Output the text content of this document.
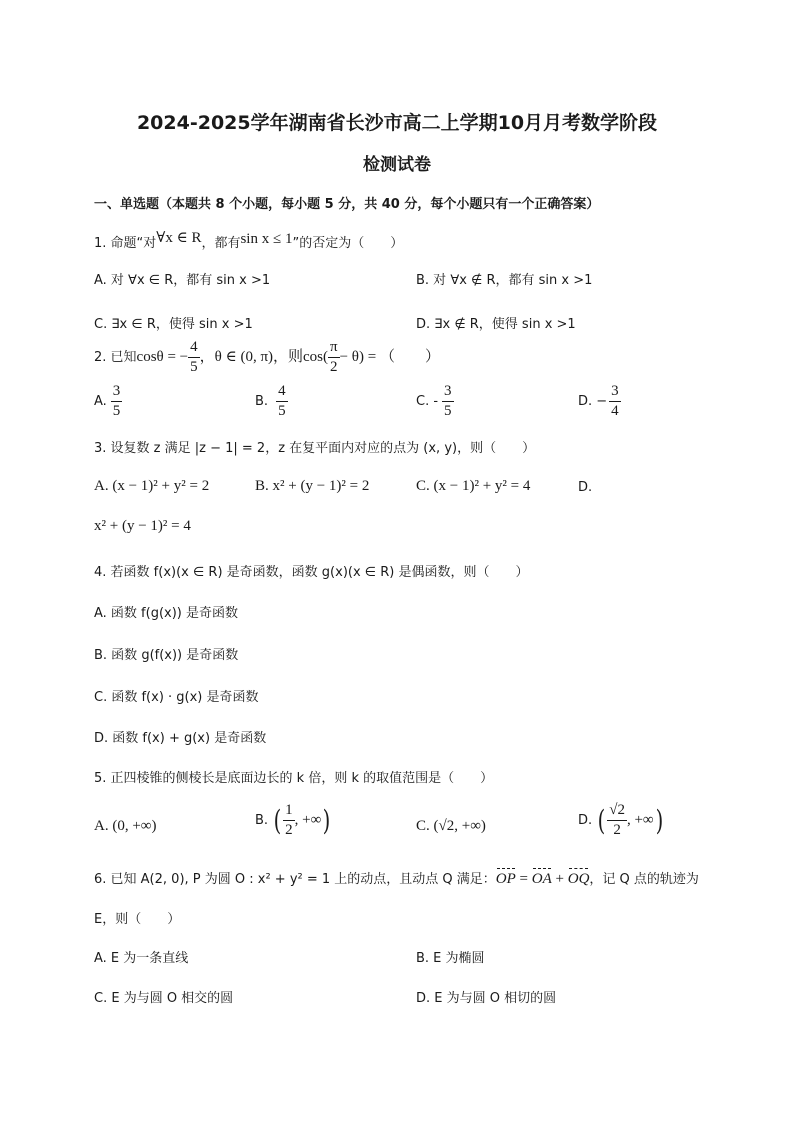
2024-2025学年湖南省长沙市高二上学期10月月考数学阶段
检测试卷
一、单选题（本题共 8 个小题，每小题 5 分，共 40 分，每个小题只有一个正确答案）
1. 命题“对∀x ∈ R，都有sin x ≤ 1”的否定为（　　）
A. 对 ∀x ∈ R，都有 sin x >1	B. 对 ∀x ∉ R，都有 sin x >1
C. ∃x ∈ R，使得 sin x >1	D. ∃x ∉ R，使得 sin x >1
2. 已知cosθ = − $\frac{4}{5}$ ，θ ∈ (0, π)，则$\cos( \frac{\pi}{2} - \theta)$ = （　　）
A. $\frac{3}{5}$	B. $\frac{4}{5}$	C. - $\frac{3}{5}$	D. − $\frac{3}{4}$
3. 设复数 z 满足 |z − 1| = 2，z 在复平面内对应的点为 (x, y)，则（　　）
A. (x − 1)² + y² = 2	B. x² + (y − 1)² = 2	C. (x − 1)² + y² = 4	D.
x² + (y − 1)² = 4
4. 若函数 f(x)(x ∈ R) 是奇函数，函数 g(x)(x ∈ R) 是偶函数，则（　　）
A. 函数 f(g(x)) 是奇函数
B. 函数 g(f(x)) 是奇函数
C. 函数 f(x) · g(x) 是奇函数
D. 函数 f(x) + g(x) 是奇函数
5. 正四棱锥的侧棱长是底面边长的 k 倍，则 k 的取值范围是（　　）
A. (0, +∞)	B. ( $\frac{1}{2}$ , +∞)	C. (√2, +∞)	D. ( $\frac{√2}{2}$ , +∞)
6. 已知 A(2, 0), P 为圆 O : x² + y² = 1 上的动点，且动点 Q 满足：OP = OA + OQ，记 Q 点的轨迹为
E，则（　　）
A. E 为一条直线	B. E 为椭圆
C. E 为与圆 O 相交的圆	D. E 为与圆 O 相切的圆
